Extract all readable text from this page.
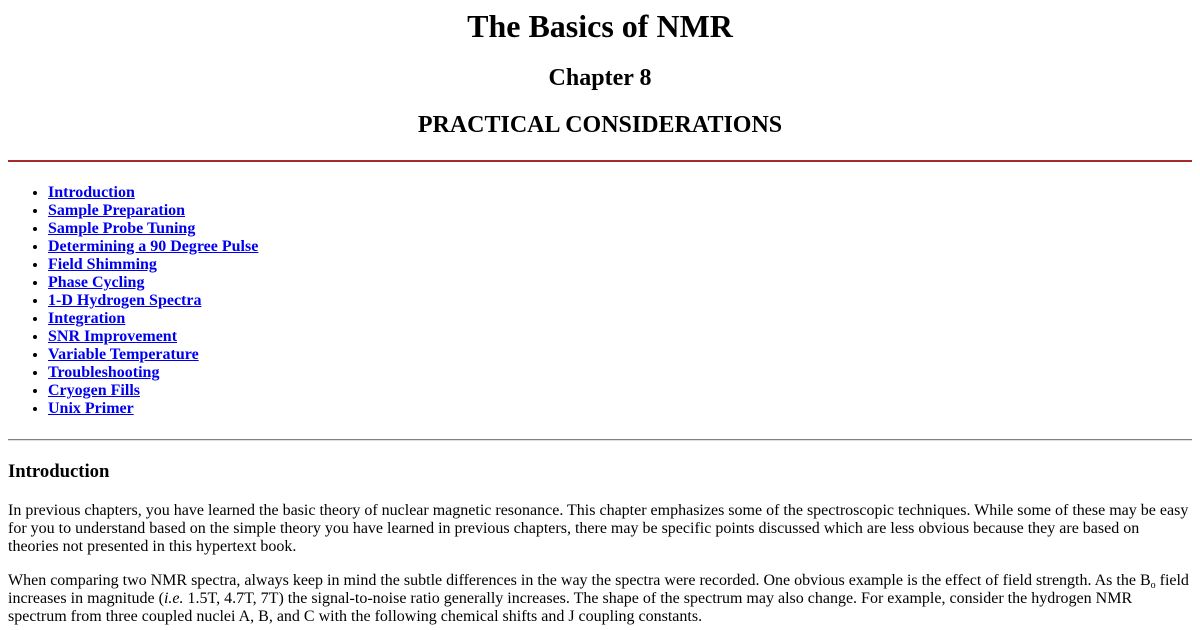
The Basics of NMR
Chapter 8
PRACTICAL CONSIDERATIONS
• Introduction
• Sample Preparation
• Sample Probe Tuning
• Determining a 90 Degree Pulse
• Field Shimming
• Phase Cycling
• 1-D Hydrogen Spectra
• Integration
• SNR Improvement
• Variable Temperature
• Troubleshooting
• Cryogen Fills
• Unix Primer
Introduction

In previous chapters, you have learned the basic theory of nuclear magnetic resonance. This chapter emphasizes some of the spectroscopic techniques. While some of these may be easy for you to understand based on the simple theory you have learned in previous chapters, there may be specific points discussed which are less obvious because they are based on theories not presented in this hypertext book.

When comparing two NMR spectra, always keep in mind the subtle differences in the way the spectra were recorded. One obvious example is the effect of field strength. As the $B_o$ field increases in magnitude (i.e. 1.5T, 4.7T, 7T) the signal-to-noise ratio generally increases. The shape of the spectrum may also change. For example, consider the hydrogen NMR spectrum from three coupled nuclei A, B, and C with the following chemical shifts and J coupling constants.
